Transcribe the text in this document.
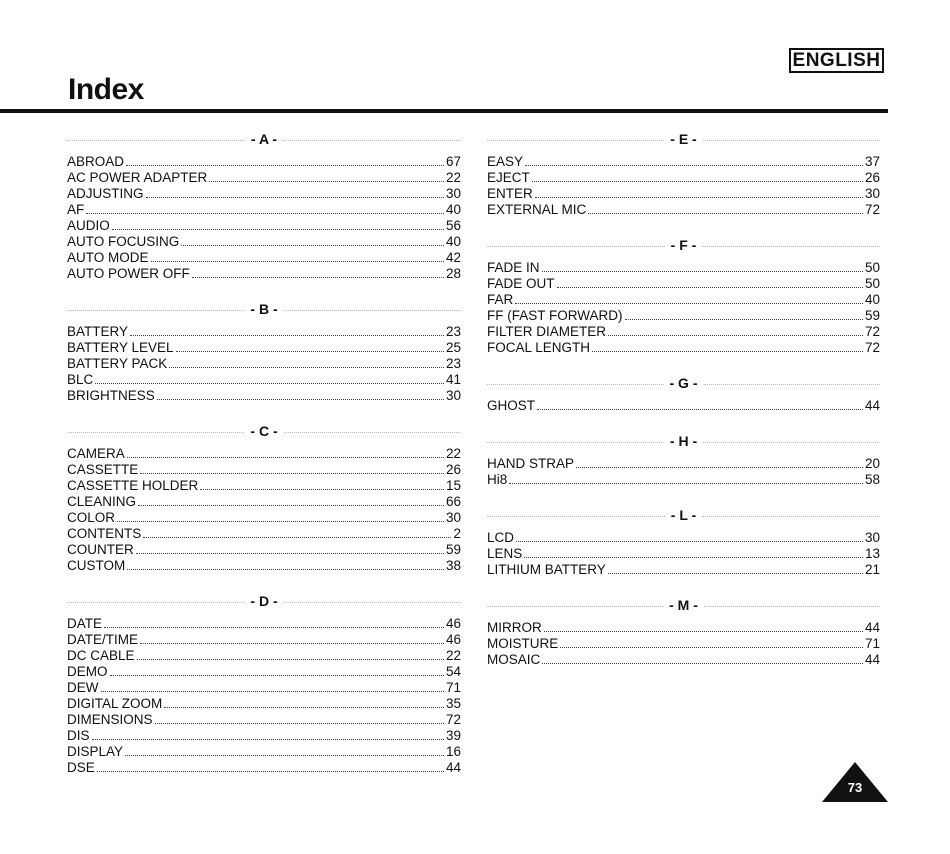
ENGLISH
Index
- A -
ABROAD	67
AC POWER ADAPTER	22
ADJUSTING	30
AF	40
AUDIO	56
AUTO FOCUSING	40
AUTO MODE	42
AUTO POWER OFF	28
- B -
BATTERY	23
BATTERY LEVEL	25
BATTERY PACK	23
BLC	41
BRIGHTNESS	30
- C -
CAMERA	22
CASSETTE	26
CASSETTE HOLDER	15
CLEANING	66
COLOR	30
CONTENTS	2
COUNTER	59
CUSTOM	38
- D -
DATE	46
DATE/TIME	46
DC CABLE	22
DEMO	54
DEW	71
DIGITAL ZOOM	35
DIMENSIONS	72
DIS	39
DISPLAY	16
DSE	44
- E -
EASY	37
EJECT	26
ENTER	30
EXTERNAL MIC	72
- F -
FADE IN	50
FADE OUT	50
FAR	40
FF (FAST FORWARD)	59
FILTER DIAMETER	72
FOCAL LENGTH	72
- G -
GHOST	44
- H -
HAND STRAP	20
Hi8	58
- L -
LCD	30
LENS	13
LITHIUM BATTERY	21
- M -
MIRROR	44
MOISTURE	71
MOSAIC	44
73
